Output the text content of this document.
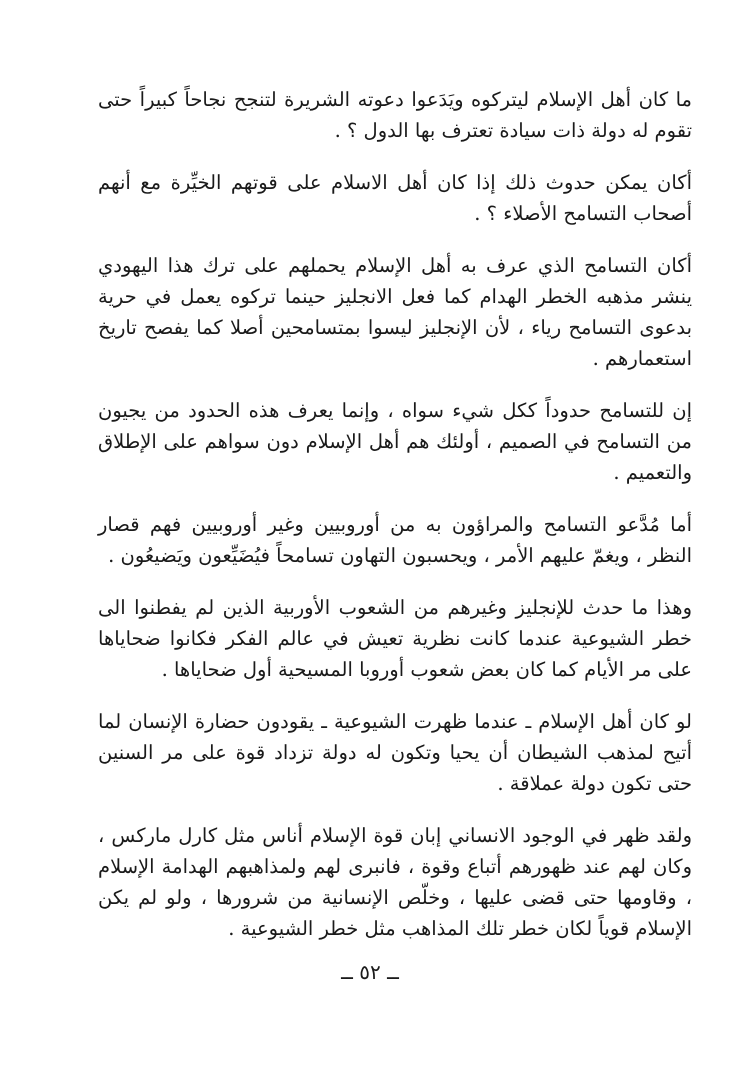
ما كان أهل الإسلام ليتركوه ويَدَعوا دعوته الشريرة لتنجح نجاحاً كبيراً حتى تقوم له دولة ذات سيادة تعترف بها الدول ؟ .

أكان يمكن حدوث ذلك إذا كان أهل الاسلام على قوتهم الخيِّرة مع أنهم أصحاب التسامح الأصلاء ؟ .

أكان التسامح الذي عرف به أهل الإسلام يحملهم على ترك هذا اليهودي ينشر مذهبه الخطر الهدام كما فعل الانجليز حينما تركوه يعمل في حرية بدعوى التسامح رياء ، لأن الإنجليز ليسوا بمتسامحين أصلا كما يفصح تاريخ استعمارهم .

إن للتسامح حدوداً ككل شيء سواه ، وإنما يعرف هذه الحدود من يجيون من التسامح في الصميم ، أولئك هم أهل الإسلام دون سواهم على الإطلاق والتعميم .

أما مُدَّعو التسامح والمراؤون به من أوروبيين وغير أوروبيين فهم قصار النظر ، ويغمّ عليهم الأمر ، ويحسبون التهاون تسامحاً فيُضَيِّعون ويَضيعُون .

وهذا ما حدث للإنجليز وغيرهم من الشعوب الأوربية الذين لم يفطنوا الى خطر الشيوعية عندما كانت نظرية تعيش في عالم الفكر فكانوا ضحاياها على مر الأيام كما كان بعض شعوب أوروبا المسيحية أول ضحاياها .

لو كان أهل الإسلام ـ عندما ظهرت الشيوعية ـ يقودون حضارة الإنسان لما أتيح لمذهب الشيطان أن يحيا وتكون له دولة تزداد قوة على مر السنين حتى تكون دولة عملاقة .

ولقد ظهر في الوجود الانساني إبان قوة الإسلام أناس مثل كارل ماركس ، وكان لهم عند ظهورهم أتباع وقوة ، فانبرى لهم ولمذاهبهم الهدامة الإسلام ، وقاومها حتى قضى عليها ، وخلّص الإنسانية من شرورها ، ولو لم يكن الإسلام قوياً لكان خطر تلك المذاهب مثل خطر الشيوعية .

ــ ٥٢ ــ
